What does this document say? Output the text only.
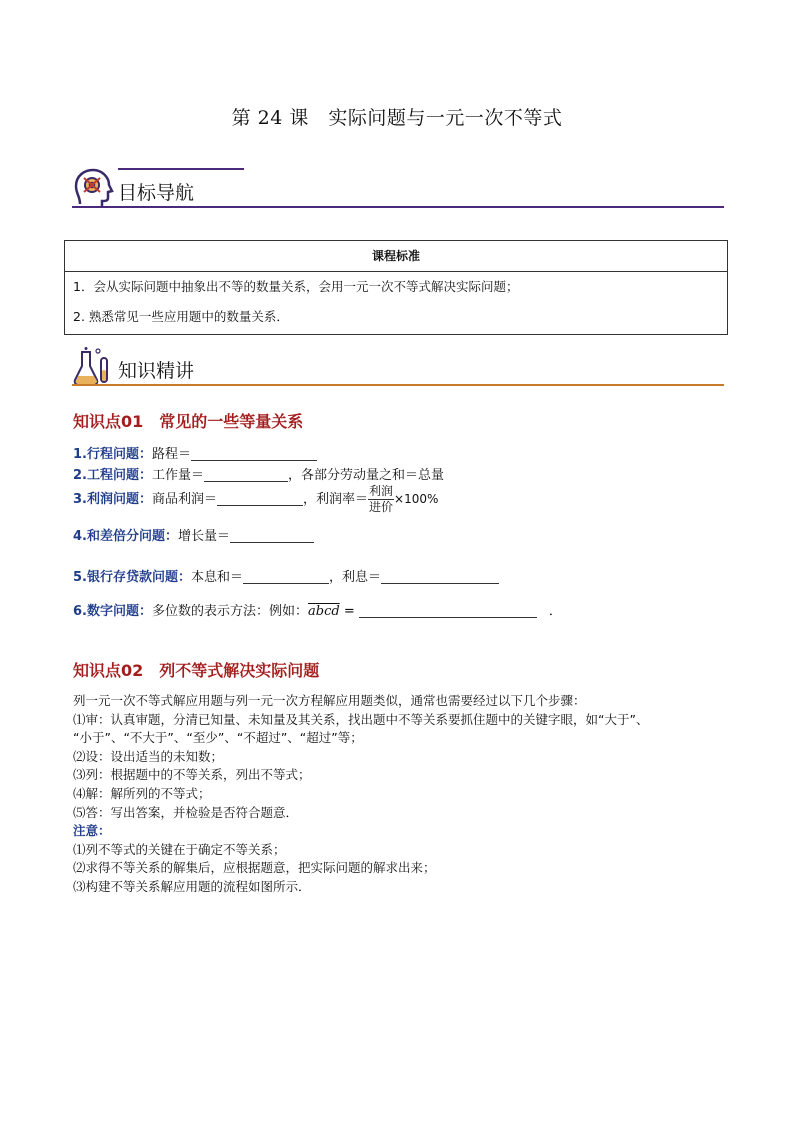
第 24 课　实际问题与一元一次不等式
目标导航
课程标准
1．会从实际问题中抽象出不等的数量关系，会用一元一次不等式解决实际问题；
2. 熟悉常见一些应用题中的数量关系．
知识精讲
知识点01　常见的一些等量关系
1.行程问题：路程＝
2.工程问题：工作量＝	，各部分劳动量之和＝总量
3.利润问题：商品利润＝	，利润率＝ $\frac{\text{利润}}{\text{进价}} \times 100\%$
4.和差倍分问题：增长量＝
5.银行存贷款问题：本息和＝	，利息＝
6.数字问题：多位数的表示方法：例如：abcd =	．
知识点02　列不等式解决实际问题
列一元一次不等式解应用题与列一元一次方程解应用题类似，通常也需要经过以下几个步骤：
⑴审：认真审题，分清已知量、未知量及其关系，找出题中不等关系要抓住题中的关键字眼，如“大于”、
“小于”、“不大于”、“至少”、“不超过”、“超过”等；
⑵设：设出适当的未知数；
⑶列：根据题中的不等关系，列出不等式；
⑷解：解所列的不等式；
⑸答：写出答案，并检验是否符合题意．
注意：
⑴列不等式的关键在于确定不等关系；
⑵求得不等关系的解集后，应根据题意，把实际问题的解求出来；
⑶构建不等关系解应用题的流程如图所示．
